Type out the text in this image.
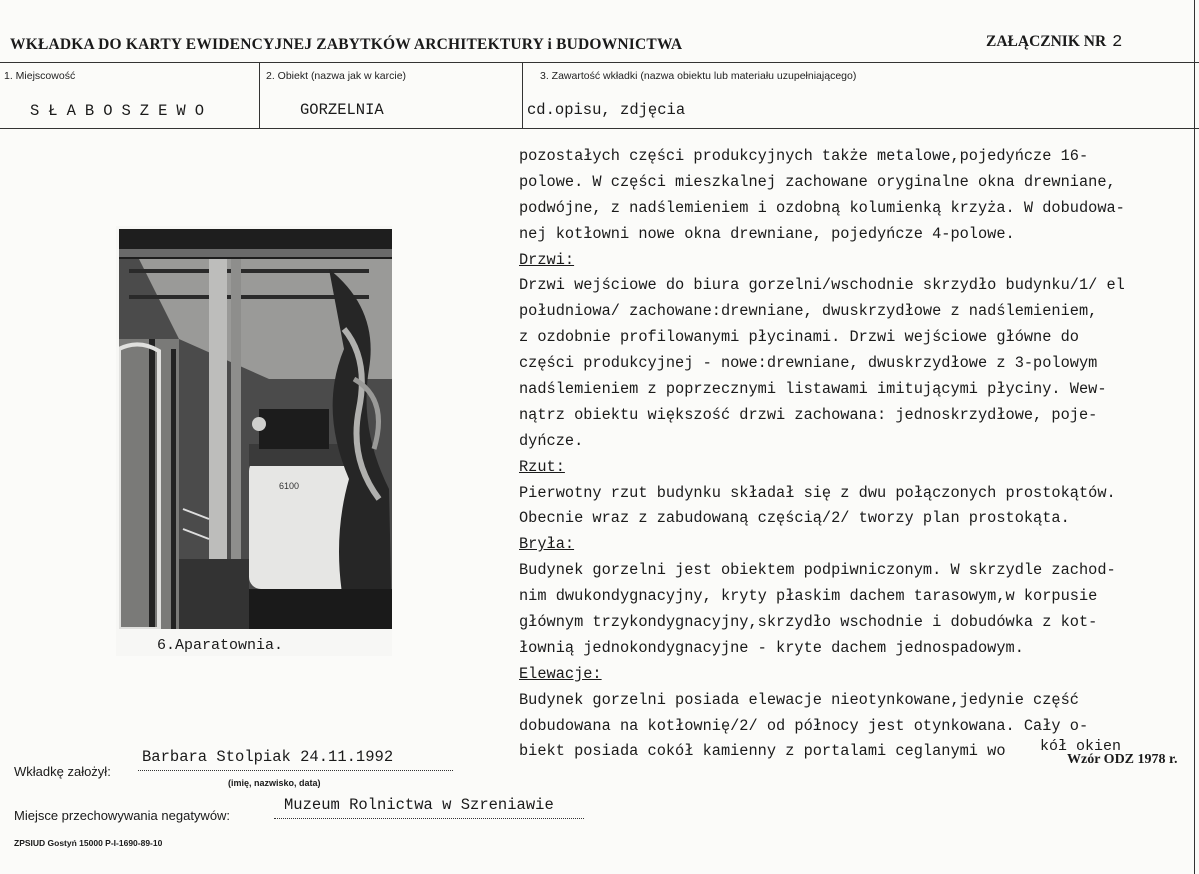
WKŁADKA DO KARTY EWIDENCYJNEJ ZABYTKÓW ARCHITEKTURY i BUDOWNICTWA	ZAŁĄCZNIK NR 2
1. Miejscowość
SŁABOSZEWO
2. Obiekt (nazwa jak w karcie)
GORZELNIA
3. Zawartość wkładki (nazwa obiektu lub materiału uzupełniającego)
cd.opisu, zdjęcia
6100
6.Aparatownia.
pozostałych części produkcyjnych także metalowe,pojedyńcze 16-
polowe. W części mieszkalnej zachowane oryginalne okna drewniane,
podwójne, z nadślemieniem i ozdobną kolumienką krzyża. W dobudowa-
nej kotłowni nowe okna drewniane, pojedyńcze 4-polowe.
Drzwi:
Drzwi wejściowe do biura gorzelni/wschodnie skrzydło budynku/1/ el
południowa/ zachowane:drewniane, dwuskrzydłowe z nadślemieniem,
z ozdobnie profilowanymi płycinami. Drzwi wejściowe główne do
części produkcyjnej - nowe:drewniane, dwuskrzydłowe z 3-polowym
nadślemieniem z poprzecznymi listawami imitującymi płyciny. Wew-
nątrz obiektu większość drzwi zachowana: jednoskrzydłowe, poje-
dyńcze.
Rzut:
Pierwotny rzut budynku składał się z dwu połączonych prostokątów.
Obecnie wraz z zabudowaną częścią/2/ tworzy plan prostokąta.
Bryła:
Budynek gorzelni jest obiektem podpiwniczonym. W skrzydle zachod-
nim dwukondygnacyjny, kryty płaskim dachem tarasowym,w korpusie
głównym trzykondygnacyjny,skrzydło wschodnie i dobudówka z kot-
łownią jednokondygnacyjne - kryte dachem jednospadowym.
Elewacje:
Budynek gorzelni posiada elewacje nieotynkowane,jedynie część
dobudowana na kotłownię/2/ od północy jest otynkowana. Cały o-
biekt posiada cokół kamienny z portalami ceglanymi wo	kół okien
Wzór ODZ 1978 r.
Wkładkę założył:
Barbara Stolpiak 24.11.1992
(imię, nazwisko, data)
Miejsce przechowywania negatywów:
Muzeum Rolnictwa w Szreniawie
ZPSIUD Gostyń 15000 P-I-1690-89-10
